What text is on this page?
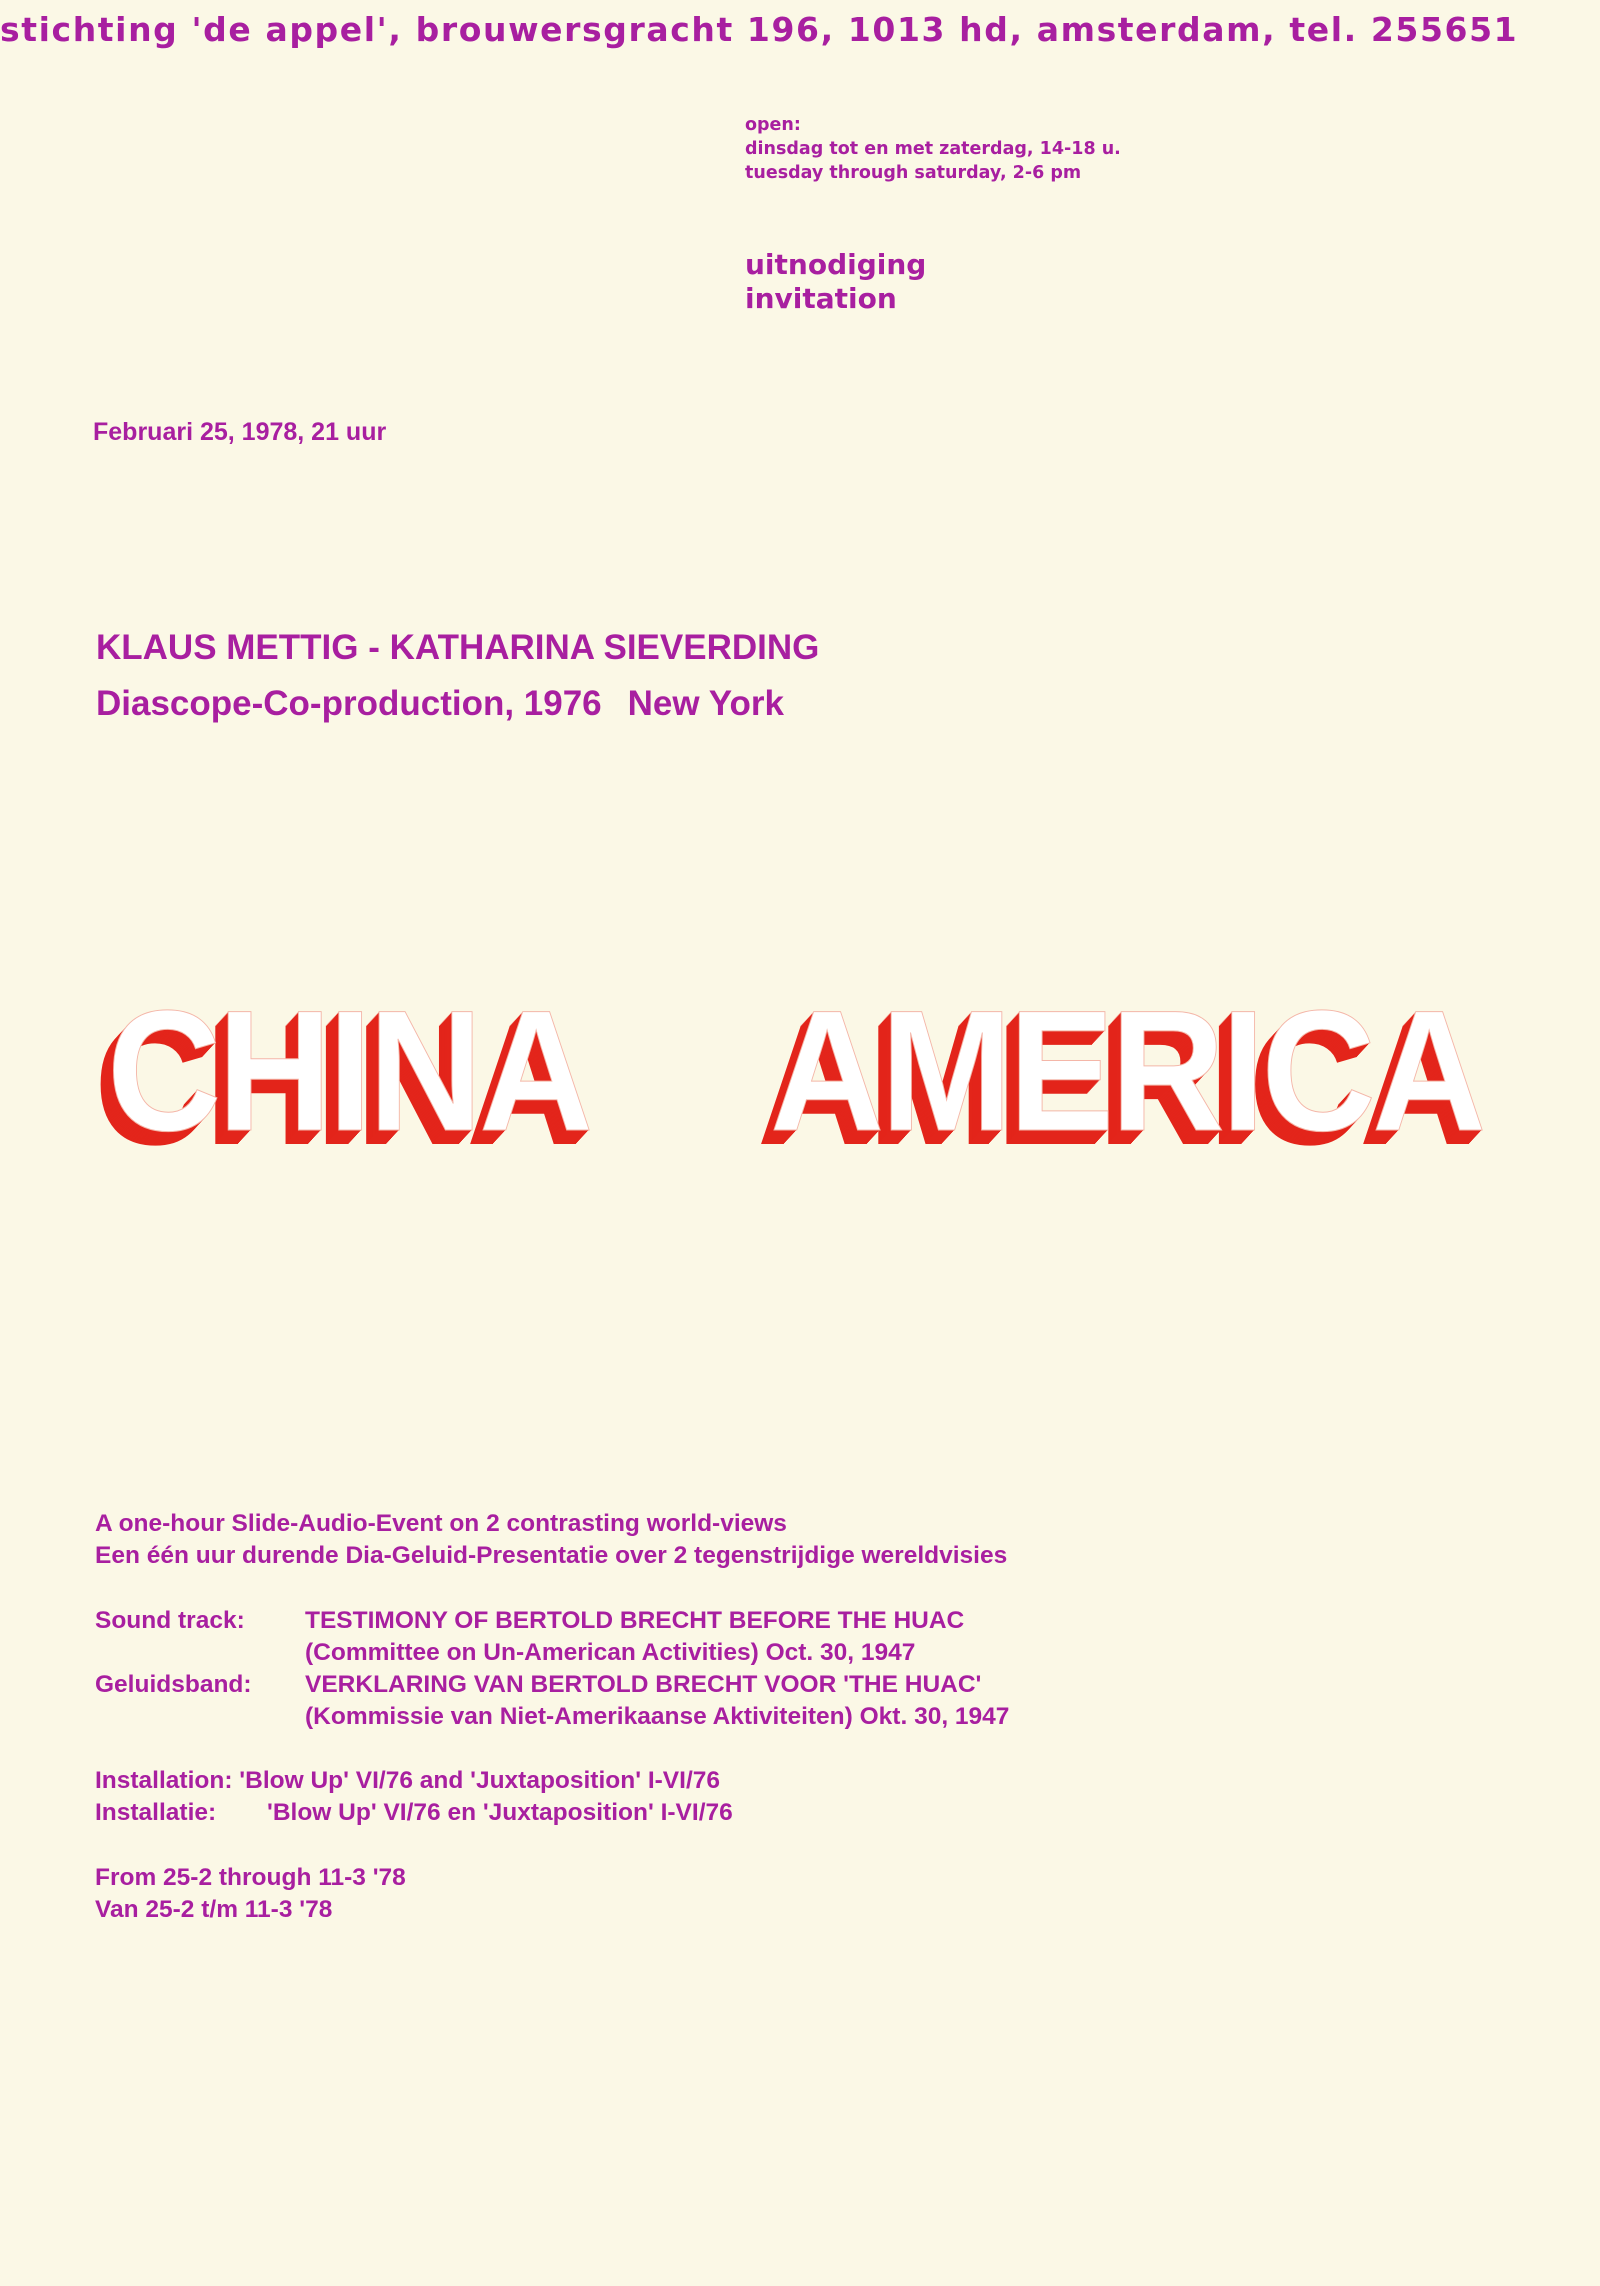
stichting 'de appel', brouwersgracht 196, 1013 hd, amsterdam, tel. 255651
open:
dinsdag tot en met zaterdag, 14-18 u.
tuesday through saturday, 2-6 pm
uitnodiging
invitation
Februari 25, 1978, 21 uur
KLAUS METTIG - KATHARINA SIEVERDING
Diascope-Co-production, 1976 New York
CHINA AMERICA
A one-hour Slide-Audio-Event on 2 contrasting world-views
Een één uur durende Dia-Geluid-Presentatie over 2 tegenstrijdige wereldvisies
Sound track:	TESTIMONY OF BERTOLD BRECHT BEFORE THE HUAC
	(Committee on Un-American Activities) Oct. 30, 1947
Geluidsband:	VERKLARING VAN BERTOLD BRECHT VOOR 'THE HUAC'
	(Kommissie van Niet-Amerikaanse Aktiviteiten) Okt. 30, 1947
Installation: 'Blow Up' VI/76 and 'Juxtaposition' I-VI/76
Installatie: 'Blow Up' VI/76 en 'Juxtaposition' I-VI/76
From 25-2 through 11-3 '78
Van 25-2 t/m 11-3 '78
